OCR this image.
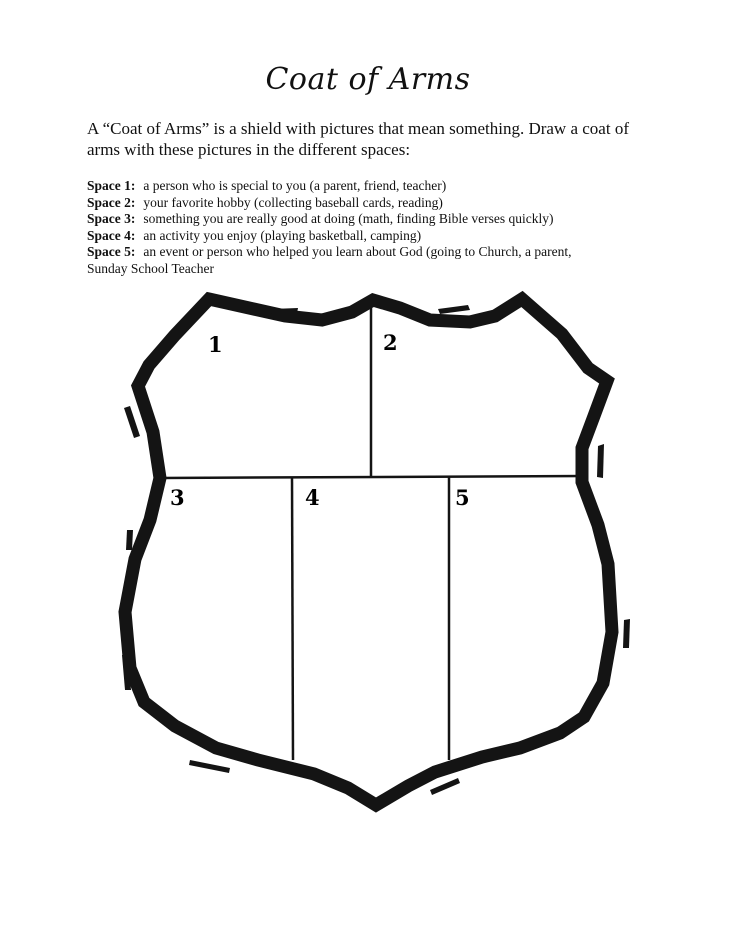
Coat of Arms
A “Coat of Arms” is a shield with pictures that mean something. Draw a coat of arms with these pictures in the different spaces:
Space 1: a person who is special to you (a parent, friend, teacher)
Space 2: your favorite hobby (collecting baseball cards, reading)
Space 3: something you are really good at doing (math, finding Bible verses quickly)
Space 4: an activity you enjoy (playing basketball, camping)
Space 5: an event or person who helped you learn about God (going to Church, a parent,
Sunday School Teacher
1	2
3	4	5
